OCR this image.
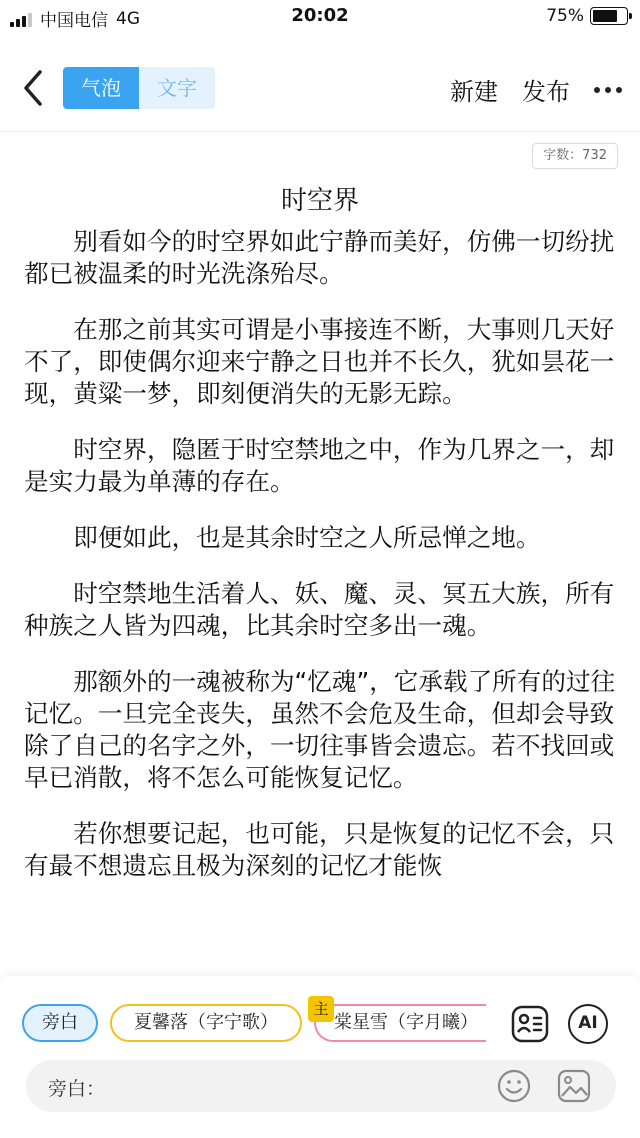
中国电信 4G	20:02	75%
气泡	文字	新建 发布
字数：732
时空界

别看如今的时空界如此宁静而美好，仿佛一切纷扰都已被温柔的时光洗涤殆尽。

在那之前其实可谓是小事接连不断，大事则几天好不了，即使偶尔迎来宁静之日也并不长久，犹如昙花一现，黄粱一梦，即刻便消失的无影无踪。

时空界，隐匿于时空禁地之中，作为几界之一，却是实力最为单薄的存在。

即便如此，也是其余时空之人所忌惮之地。

时空禁地生活着人、妖、魔、灵、冥五大族，所有种族之人皆为四魂，比其余时空多出一魂。

那额外的一魂被称为“忆魂”，它承载了所有的过往记忆。一旦完全丧失，虽然不会危及生命，但却会导致除了自己的名字之外，一切往事皆会遗忘。若不找回或早已消散，将不怎么可能恢复记忆。

若你想要记起，也可能，只是恢复的记忆不会，只有最不想遗忘且极为深刻的记忆才能恢

旁白	夏馨落（字宁歌）	棠星雪（字月曦）
主
AI
旁白：
